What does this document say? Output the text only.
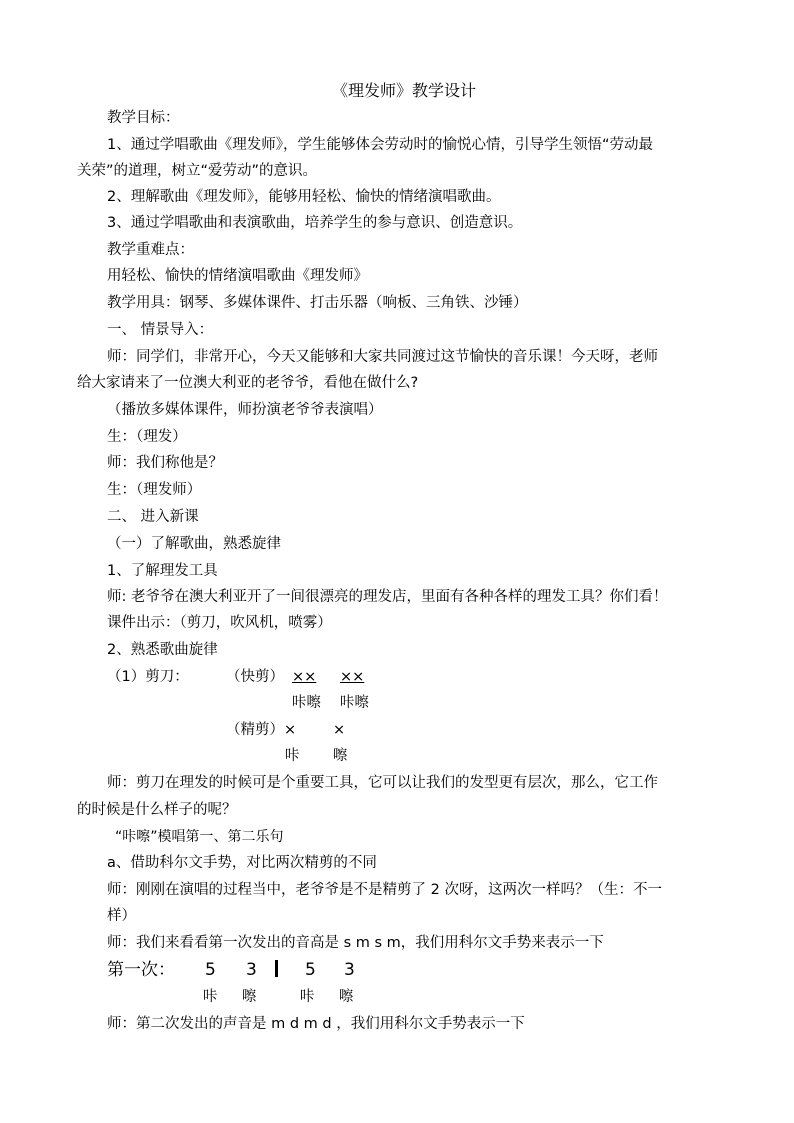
《理发师》教学设计
教学目标：
1、通过学唱歌曲《理发师》，学生能够体会劳动时的愉悦心情，引导学生领悟“劳动最
关荣”的道理，树立“爱劳动”的意识。
2、理解歌曲《理发师》，能够用轻松、愉快的情绪演唱歌曲。
3、通过学唱歌曲和表演歌曲，培养学生的参与意识、创造意识。
教学重难点：
用轻松、愉快的情绪演唱歌曲《理发师》
教学用具：钢琴、多媒体课件、打击乐器（响板、三角铁、沙锤）
一、 情景导入：
师：同学们，非常开心，今天又能够和大家共同渡过这节愉快的音乐课！今天呀，老师
给大家请来了一位澳大利亚的老爷爷，看他在做什么?
（播放多媒体课件，师扮演老爷爷表演唱）
生：（理发）
师：我们称他是？
生：（理发师）
二、 进入新课
（一）了解歌曲，熟悉旋律
1、了解理发工具
师: 老爷爷在澳大利亚开了一间很漂亮的理发店，里面有各种各样的理发工具？你们看！
课件出示：（剪刀，吹风机，喷雾）
2、熟悉歌曲旋律
（1）剪刀：	（快剪） ×× ××
咔嚓 咔嚓
（精剪）×	×
咔 嚓
师：剪刀在理发的时候可是个重要工具，它可以让我们的发型更有层次，那么，它工作
的时候是什么样子的呢？
“咔嚓”模唱第一、第二乐句
a、借助科尔文手势，对比两次精剪的不同
师：刚刚在演唱的过程当中，老爷爷是不是精剪了 2 次呀，这两次一样吗？（生：不一
样）
师：我们来看看第一次发出的音高是 s m s m，我们用科尔文手势来表示一下
第一次： 5 3	5 3
咔 嚓	咔 嚓
师：第二次发出的声音是 m d m d ，我们用科尔文手势表示一下
